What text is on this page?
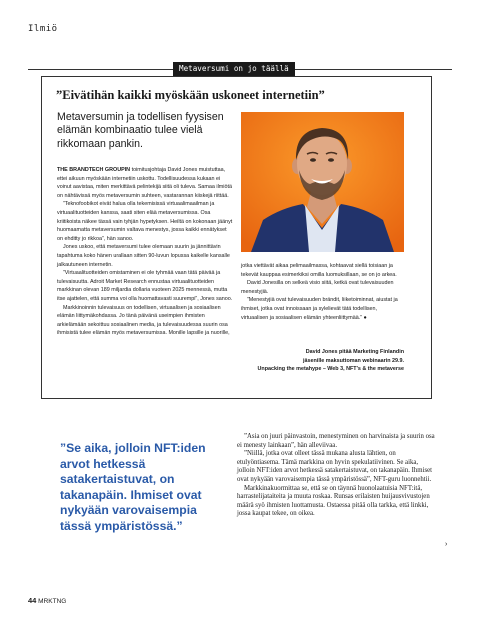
Ilmiö
Metaversumi on jo täällä
”Eivätihän kaikki myöskään uskoneet internetiin”
Metaversumin ja todellisen fyysisen elämän kombinaatio tulee vielä rikkomaan pankin.

THE BRANDTECH GROUPIN toimitusjohtaja David Jones muistuttaa, ettei aikuun myöskään internetiin uskottu. Todellisuudessa kukaan ei voinut aavistaa, miten merkittävä pelintekijä siitä oli tuleva. Samaa ilmiötä on nähtävissä myös metaversumin suhteen, vastarannan kiiskejä riittää.

”Teknofoobikot eivät halua olla tekemisissä virtuaalimaailman ja virtuaalituotteiden kanssa, saati siten elää metaversumissa. Osa kriitikoista näkee tässä vain tyhjän hypetyksen. Heiltä on kokonaan jäänyt huomaamatta metaversumin valtava menestys, jossa kaikki ennätykset on ehditty jo rikkoa”, hän sanoo.

Jones uskoo, että metaversumi tulee olemaan suurin ja jännittävin tapahtuma koko hänen urallaan sitten 90-luvun lopussa kaikelle kansalle jalkautuneen internetin.

”Virtuaalituotteiden omistaminen ei ole tyhmää vaan tätä päivää ja tulevaisuutta. Adroit Market Research ennustaa virtuaalituotteiden markkinan olevan 189 miljardia dollaria vuoteen 2025 mennessä, mutta itse ajattelen, että summa voi olla huomattavasti suurempi”, Jones sanoo.

Markkinoinnin tulevaisuus on todellisen, virtuaalisen ja sosiaalisen elämän liittymäkohdassa. Jo tänä päivänä useimpien ihmisten arkielämään sekoittuu sosiaalinen media, ja tulevaisuudessa suurin osa ihmisistä tulee elämän myös metaversumissa. Monille lapsille ja nuorille,

jotka viettävät aikaa pelimaailmassa, kohtaavat siellä toisiaan ja tekevät kauppaa esimerkiksi omilla luomuksillaan, se on jo arkea.

David Jonesilla on selkeä visio siitä, ketkä ovat tulevaisuuden menestyjiä.

”Menestyjiä ovat tulevaisuuden brändit, liiketoiminnat, aiustat ja ihmiset, jotka ovat innoissaan ja sylelievät tätä todellisen, virtuaalisen ja sosiaalisen elämän yhteenliittymää.” ●

David Jones pitää Marketing Finlandin
jäsenille maksuttoman webinaarin 29.9.
Unpacking the metahype – Web 3, NFT's & the metaverse
”Se aika, jolloin NFT:iden arvot hetkessä satakertaistuvat, on takanapäin. Ihmiset ovat nykyään varovaisempia tässä ympäristössä.”

”Asia on juuri päinvastoin, menestyminen on harvinaista ja suurin osa ei menesty lainkaan”, hän alleviivaa.

”Niillä, jotka ovat olleet tässä mukana alusta lähtien, on etulyöntiasema. Tämä markkina on hyvin spekulatiivinen. Se aika, jolloin NFT:iden arvot hetkessä satakertaistuvat, on takanapäin. Ihmiset ovat nykyään varovaisempia tässä ympäristössä”, NFT-guru luonnehtii.

Markkinakuormittaa se, että se on täynnä huonolaatuisia NFT:itä, harrastelijataiteita ja muuta roskaa. Runsas erilaisten huijausvivustojen määrä syö ihmisten luottamusta. Ostaessa pitää olla tarkka, että linkki, jossa kaupat tekee, on oikea.

›
44 MRKTNG
